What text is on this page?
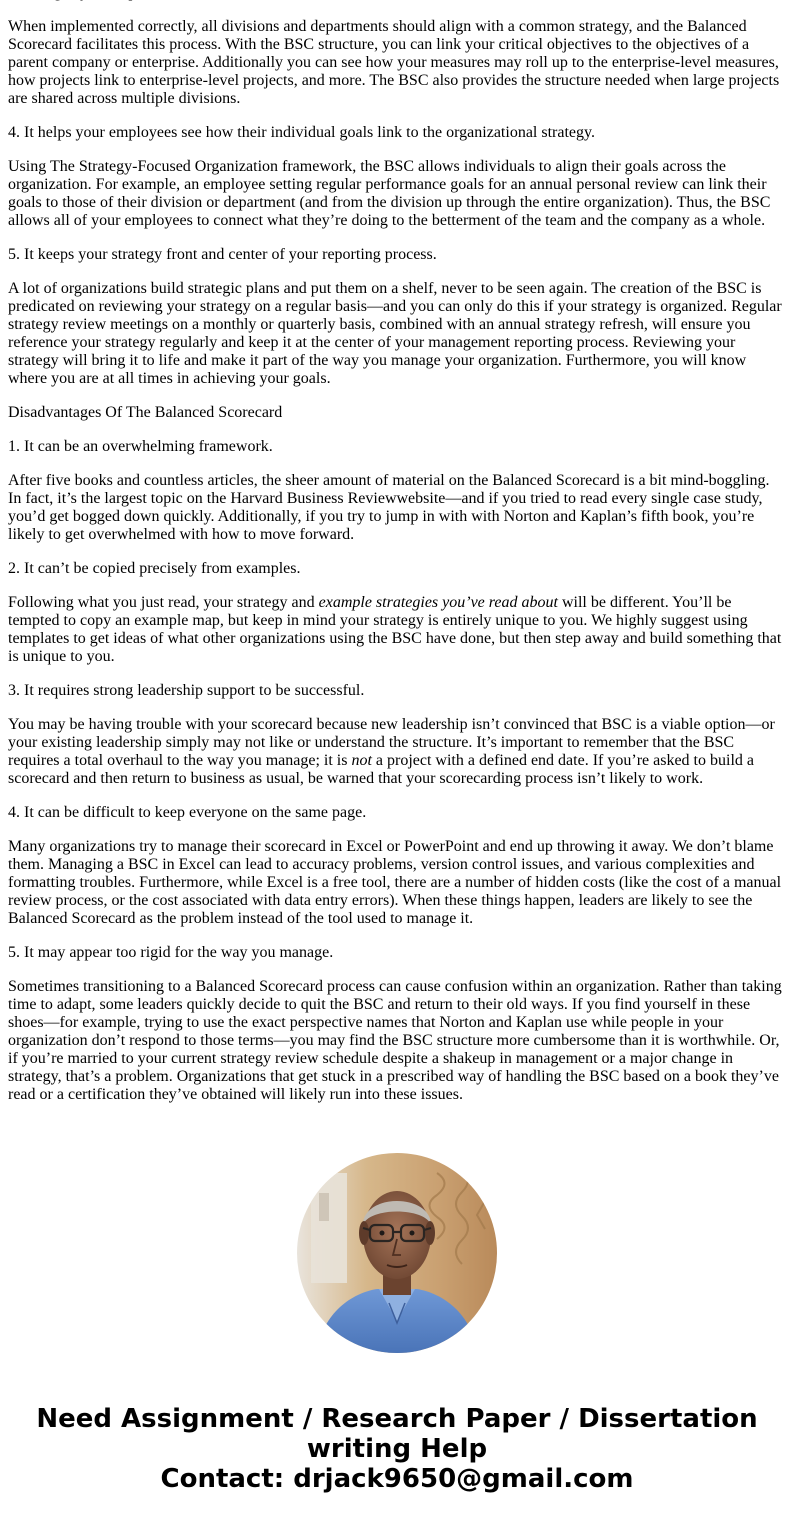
When implemented correctly, all divisions and departments should align with a common strategy, and the Balanced Scorecard facilitates this process. With the BSC structure, you can link your critical objectives to the objectives of a parent company or enterprise. Additionally you can see how your measures may roll up to the enterprise-level measures, how projects link to enterprise-level projects, and more. The BSC also provides the structure needed when large projects are shared across multiple divisions.

4. It helps your employees see how their individual goals link to the organizational strategy.

Using The Strategy-Focused Organization framework, the BSC allows individuals to align their goals across the organization. For example, an employee setting regular performance goals for an annual personal review can link their goals to those of their division or department (and from the division up through the entire organization). Thus, the BSC allows all of your employees to connect what they’re doing to the betterment of the team and the company as a whole.

5. It keeps your strategy front and center of your reporting process.

A lot of organizations build strategic plans and put them on a shelf, never to be seen again. The creation of the BSC is predicated on reviewing your strategy on a regular basis—and you can only do this if your strategy is organized. Regular strategy review meetings on a monthly or quarterly basis, combined with an annual strategy refresh, will ensure you reference your strategy regularly and keep it at the center of your management reporting process. Reviewing your strategy will bring it to life and make it part of the way you manage your organization. Furthermore, you will know where you are at all times in achieving your goals.

Disadvantages Of The Balanced Scorecard

1. It can be an overwhelming framework.

After five books and countless articles, the sheer amount of material on the Balanced Scorecard is a bit mind-boggling. In fact, it’s the largest topic on the Harvard Business Reviewwebsite—and if you tried to read every single case study, you’d get bogged down quickly. Additionally, if you try to jump in with with Norton and Kaplan’s fifth book, you’re likely to get overwhelmed with how to move forward.

2. It can’t be copied precisely from examples.

Following what you just read, your strategy and example strategies you’ve read about will be different. You’ll be tempted to copy an example map, but keep in mind your strategy is entirely unique to you. We highly suggest using templates to get ideas of what other organizations using the BSC have done, but then step away and build something that is unique to you.

3. It requires strong leadership support to be successful.

You may be having trouble with your scorecard because new leadership isn’t convinced that BSC is a viable option—or your existing leadership simply may not like or understand the structure. It’s important to remember that the BSC requires a total overhaul to the way you manage; it is not a project with a defined end date. If you’re asked to build a scorecard and then return to business as usual, be warned that your scorecarding process isn’t likely to work.

4. It can be difficult to keep everyone on the same page.

Many organizations try to manage their scorecard in Excel or PowerPoint and end up throwing it away. We don’t blame them. Managing a BSC in Excel can lead to accuracy problems, version control issues, and various complexities and formatting troubles. Furthermore, while Excel is a free tool, there are a number of hidden costs (like the cost of a manual review process, or the cost associated with data entry errors). When these things happen, leaders are likely to see the Balanced Scorecard as the problem instead of the tool used to manage it.

5. It may appear too rigid for the way you manage.

Sometimes transitioning to a Balanced Scorecard process can cause confusion within an organization. Rather than taking time to adapt, some leaders quickly decide to quit the BSC and return to their old ways. If you find yourself in these shoes—for example, trying to use the exact perspective names that Norton and Kaplan use while people in your organization don’t respond to those terms—you may find the BSC structure more cumbersome than it is worthwhile. Or, if you’re married to your current strategy review schedule despite a shakeup in management or a major change in strategy, that’s a problem. Organizations that get stuck in a prescribed way of handling the BSC based on a book they’ve read or a certification they’ve obtained will likely run into these issues.

Need Assignment / Research Paper / Dissertation
writing Help
Contact: drjack9650@gmail.com
